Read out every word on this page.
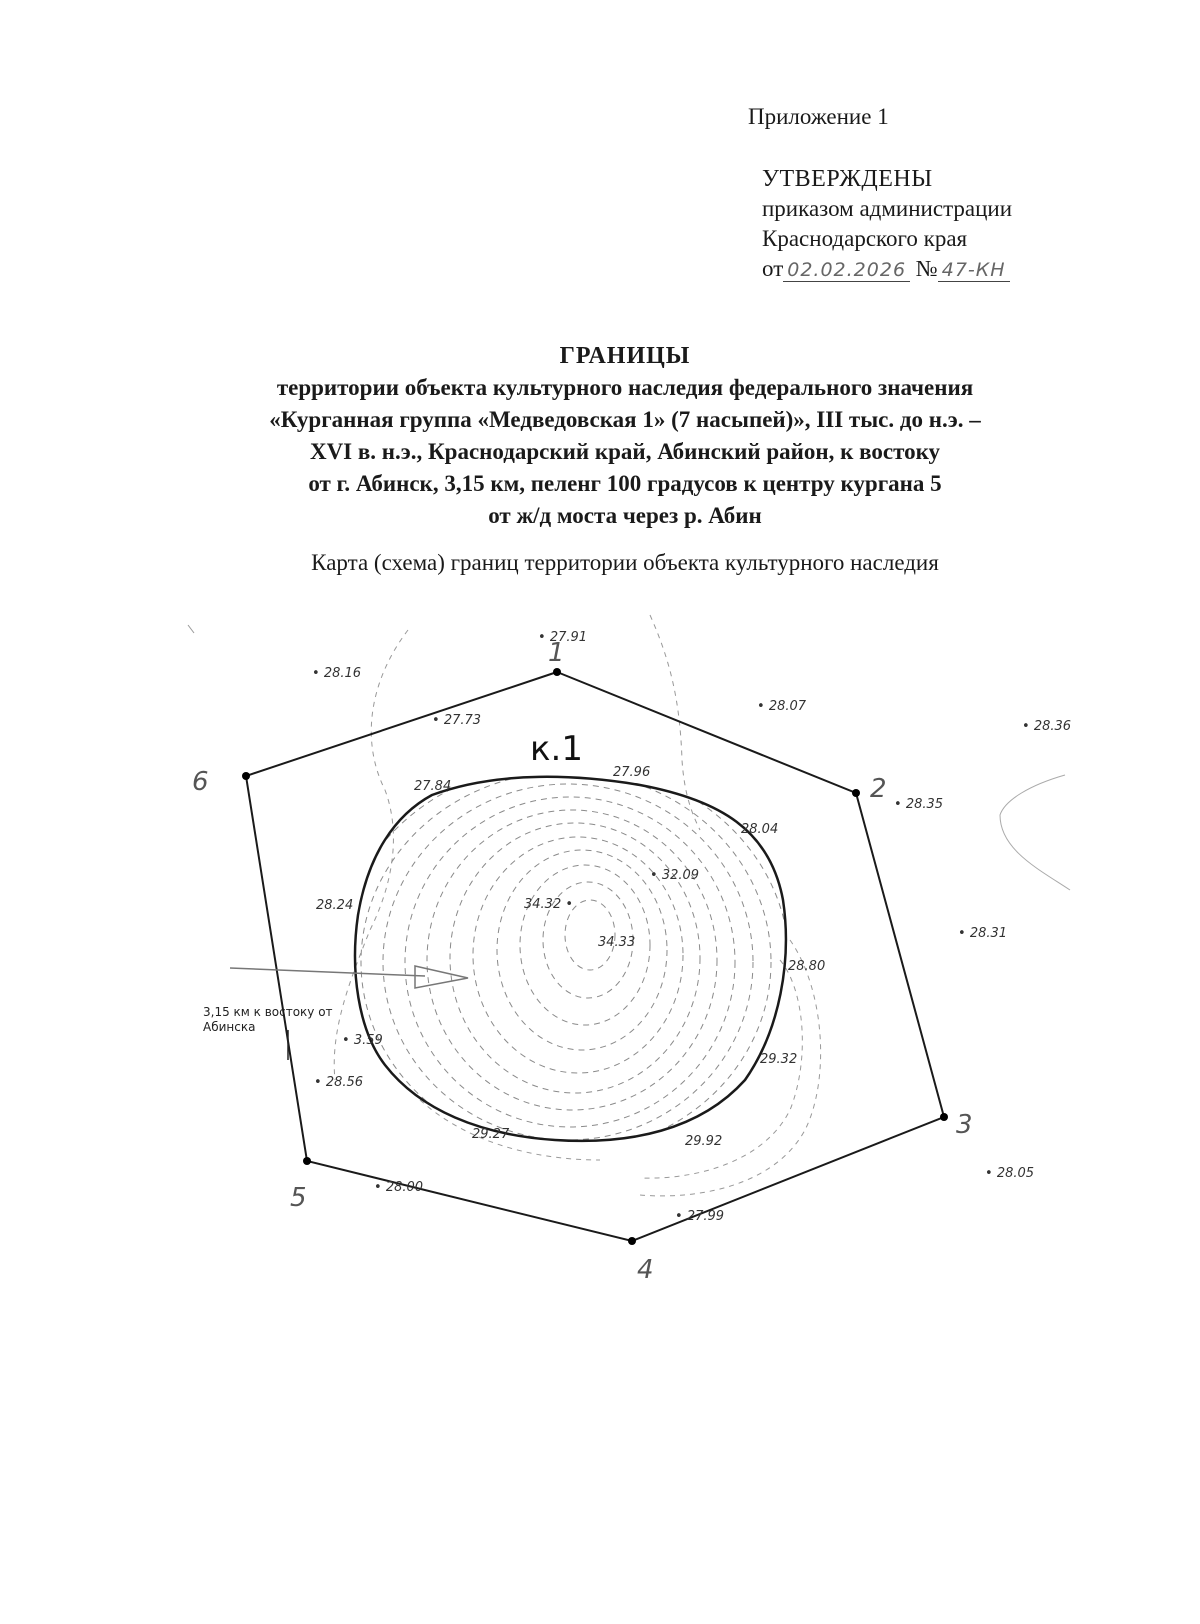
Приложение 1
УТВЕРЖДЕНЫ
приказом администрации
Краснодарского края
от 02.02.2026 № 47-КН
ГРАНИЦЫ
территории объекта культурного наследия федерального значения
«Курганная группа «Медведовская 1» (7 насыпей)», III тыс. до н.э. –
XVI в. н.э., Краснодарский край, Абинский район, к востоку
от г. Абинск, 3,15 км, пеленг 100 градусов к центру кургана 5
от ж/д моста через р. Абин
Карта (схема) границ территории объекта культурного наследия
1
2
3
4
5
6
к.1
• 27.91
• 28.16
• 27.73
• 28.07
• 28.36
27.84
27.96
• 28.35
28.04
• 32.09
34.32 •
34.33
28.24
• 28.31
28.80
• 3.59
29.32
• 28.56
29.27	29.92
• 28.05
• 28.00
• 27.99
3,15 км к востоку от
Абинска
